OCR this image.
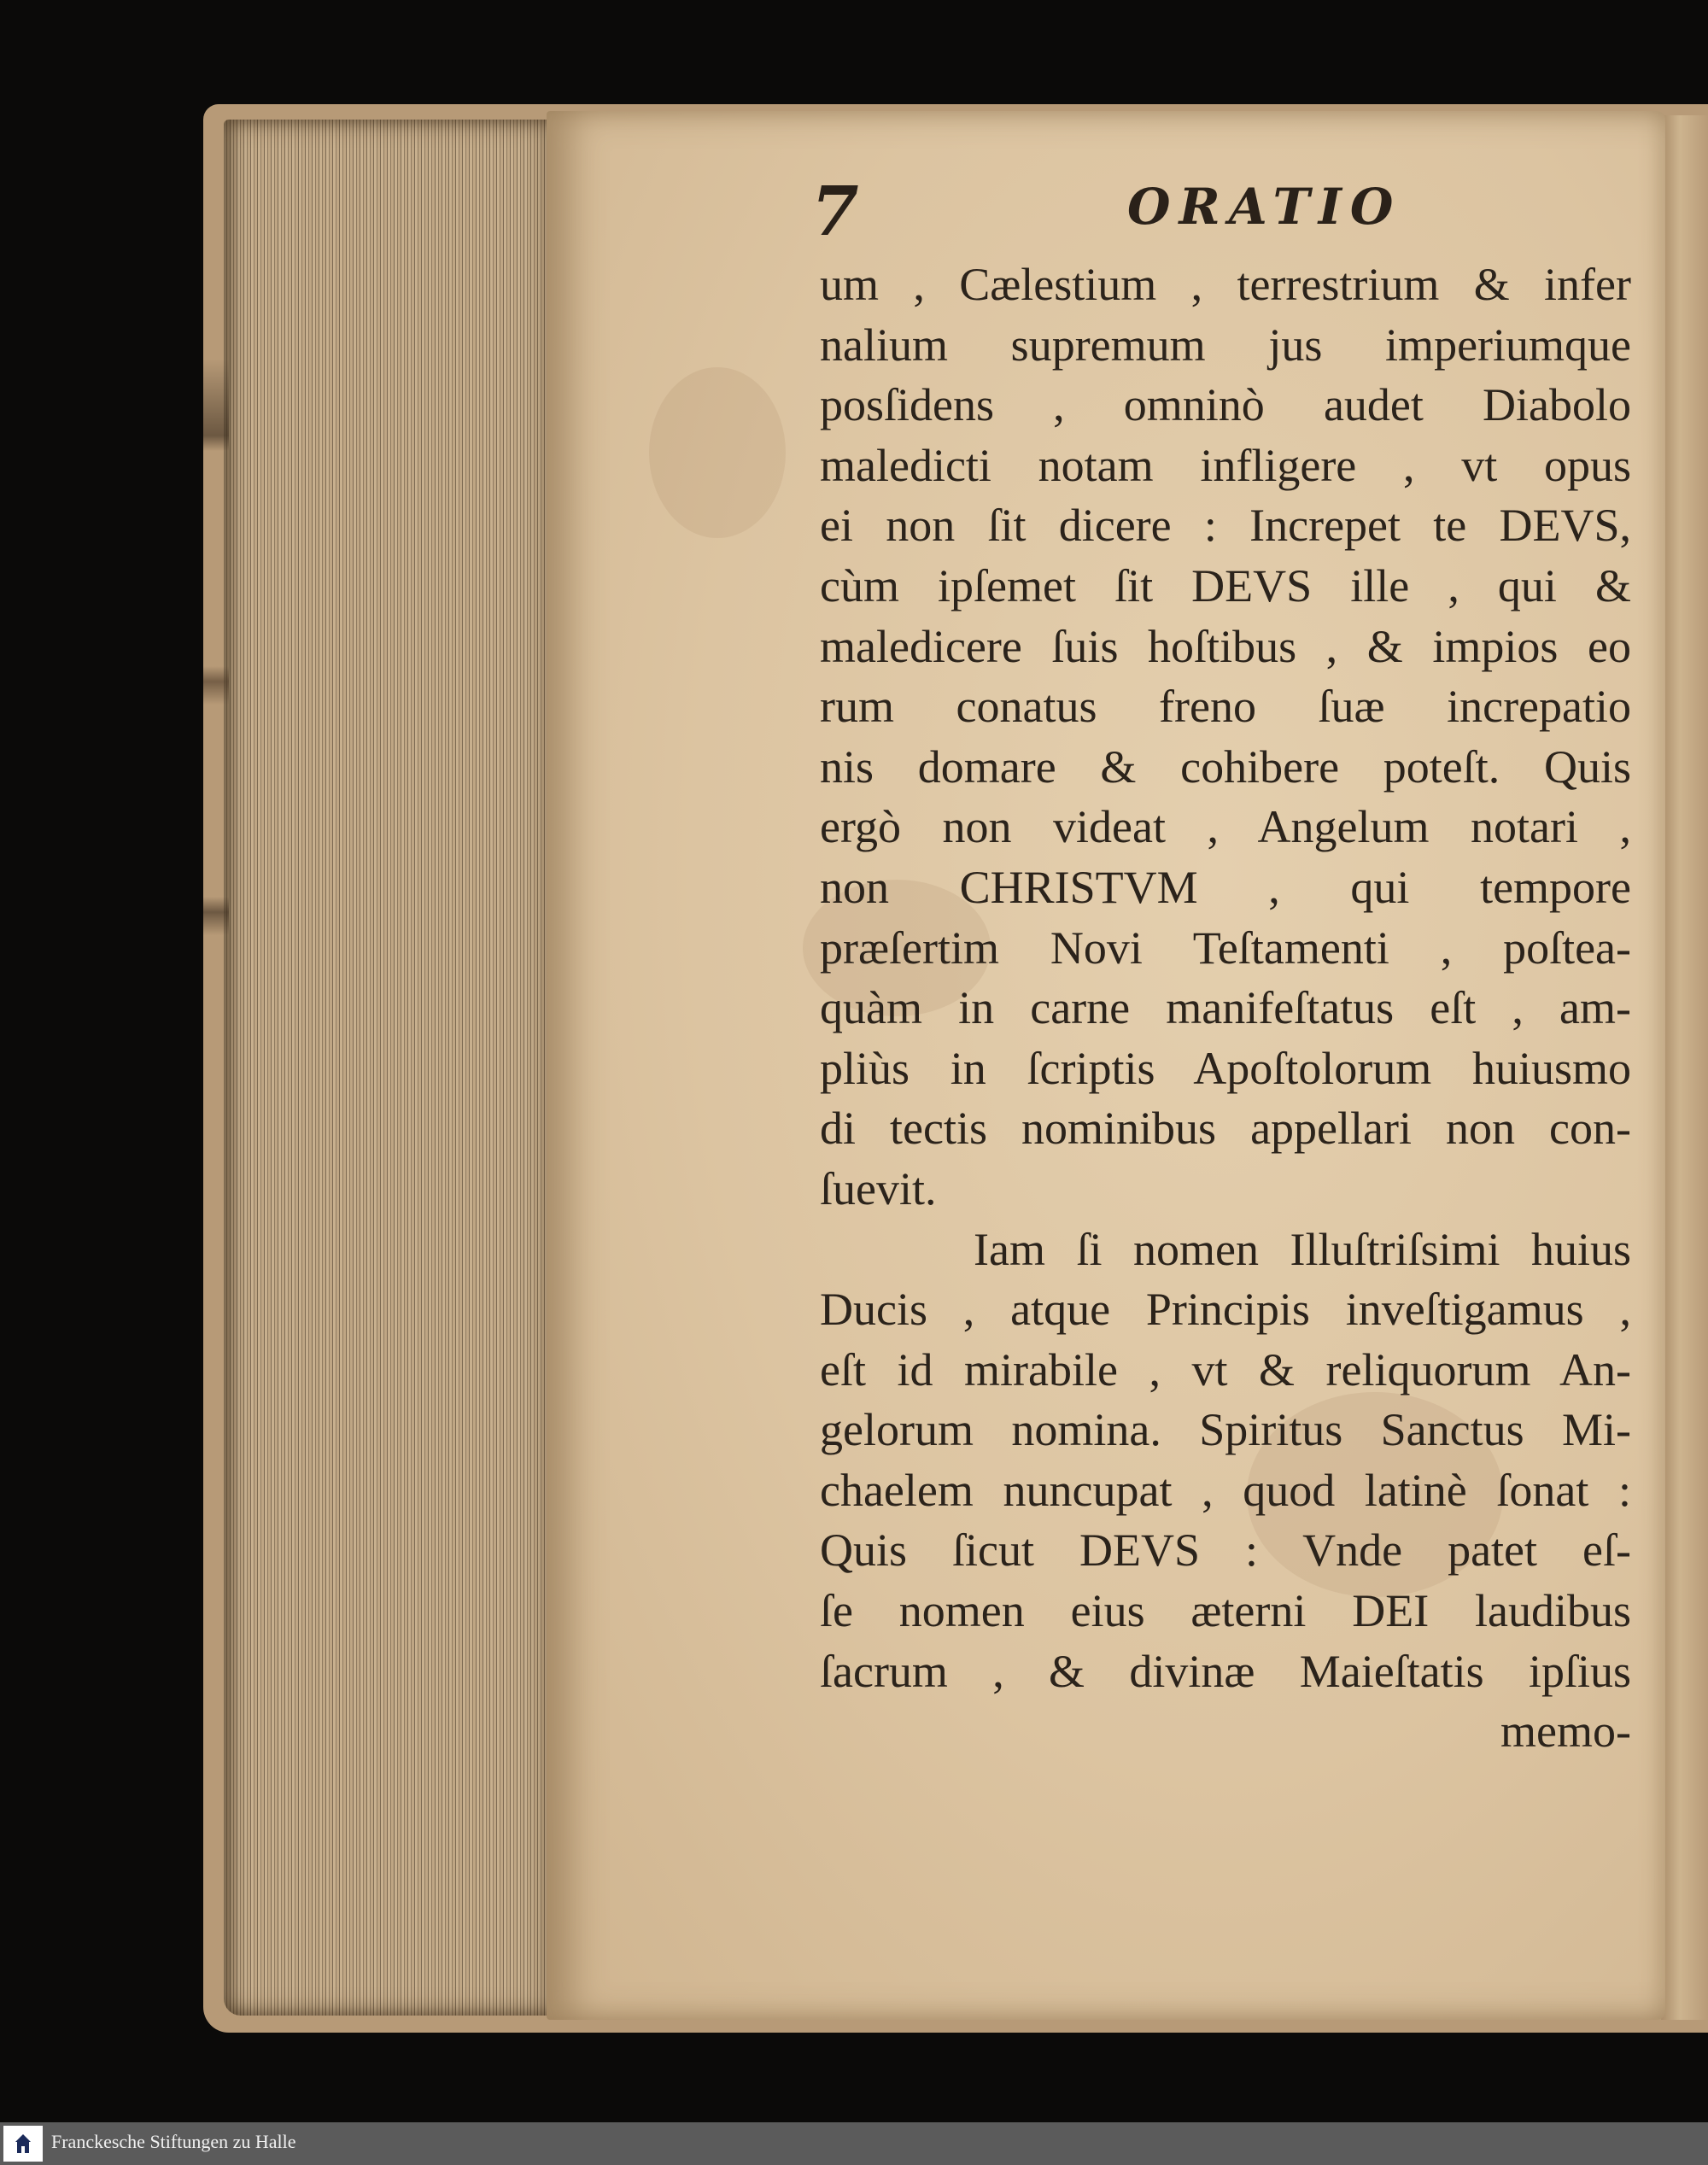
7	ORATIO
um , Cælestium , terrestrium & infer
nalium supremum jus imperiumque
posſidens , omninò audet Diabolo
maledicti notam infligere , vt opus
ei non ſit dicere : Increpet te DEVS,
cùm ipſemet ſit DEVS ille , qui &
maledicere ſuis hoſtibus , & impios eo
rum conatus freno ſuæ increpatio
nis domare & cohibere poteſt. Quis
ergò non videat , Angelum notari ,
non CHRISTVM , qui tempore
præſertim Novi Teſtamenti , poſtea-
quàm in carne manifeſtatus eſt , am-
pliùs in ſcriptis Apoſtolorum huiusmo
di tectis nominibus appellari non con-
ſuevit.
Iam ſi nomen Illuſtriſsimi huius
Ducis , atque Principis inveſtigamus ,
eſt id mirabile , vt & reliquorum An-
gelorum nomina. Spiritus Sanctus Mi-
chaelem nuncupat , quod latinè ſonat :
Quis ſicut DEVS : Vnde patet eſ-
ſe nomen eius æterni DEI laudibus
ſacrum , & divinæ Maieſtatis ipſius
memo-
Franckesche Stiftungen zu Halle
